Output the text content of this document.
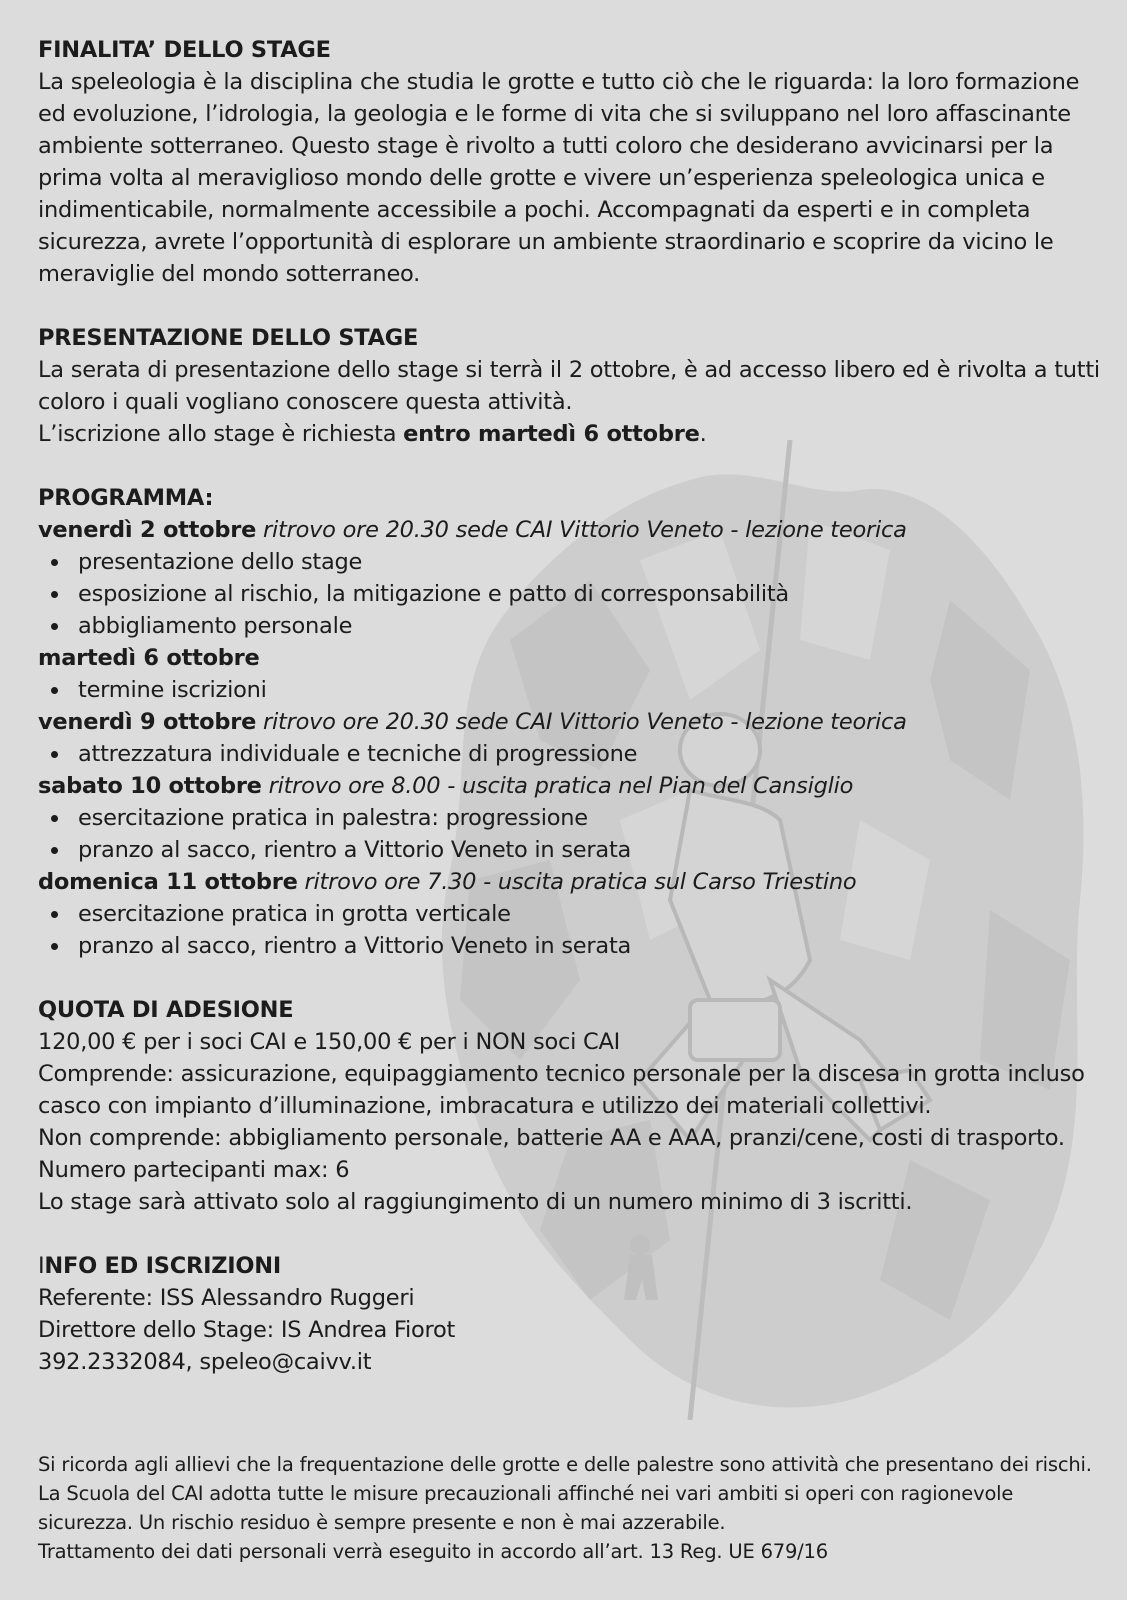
FINALITA’ DELLO STAGE

La speleologia è la disciplina che studia le grotte e tutto ciò che le riguarda: la loro formazione ed evoluzione, l’idrologia, la geologia e le forme di vita che si sviluppano nel loro affascinante ambiente sotterraneo. Questo stage è rivolto a tutti coloro che desiderano avvicinarsi per la prima volta al meraviglioso mondo delle grotte e vivere un’esperienza speleologica unica e indimenticabile, normalmente accessibile a pochi. Accompagnati da esperti e in completa sicurezza, avrete l’opportunità di esplorare un ambiente straordinario e scoprire da vicino le meraviglie del mondo sotterraneo.

PRESENTAZIONE DELLO STAGE

La serata di presentazione dello stage si terrà il 2 ottobre, è ad accesso libero ed è rivolta a tutti coloro i quali vogliano conoscere questa attività.

L’iscrizione allo stage è richiesta entro martedì 6 ottobre.

PROGRAMMA:

venerdì 2 ottobre ritrovo ore 20.30 sede CAI Vittorio Veneto - lezione teorica

presentazione dello stage
esposizione al rischio, la mitigazione e patto di corresponsabilità
abbigliamento personale

martedì 6 ottobre

termine iscrizioni

venerdì 9 ottobre ritrovo ore 20.30 sede CAI Vittorio Veneto - lezione teorica

attrezzatura individuale e tecniche di progressione

sabato 10 ottobre ritrovo ore 8.00 - uscita pratica nel Pian del Cansiglio

esercitazione pratica in palestra: progressione
pranzo al sacco, rientro a Vittorio Veneto in serata

domenica 11 ottobre ritrovo ore 7.30 - uscita pratica sul Carso Triestino

esercitazione pratica in grotta verticale
pranzo al sacco, rientro a Vittorio Veneto in serata
QUOTA DI ADESIONE

120,00 € per i soci CAI e 150,00 € per i NON soci CAI

Comprende: assicurazione, equipaggiamento tecnico personale per la discesa in grotta incluso casco con impianto d’illuminazione, imbracatura e utilizzo dei materiali collettivi.

Non comprende: abbigliamento personale, batterie AA e AAA, pranzi/cene, costi di trasporto.

Numero partecipanti max: 6

Lo stage sarà attivato solo al raggiungimento di un numero minimo di 3 iscritti.

INFO ED ISCRIZIONI

Referente: ISS Alessandro Ruggeri

Direttore dello Stage: IS Andrea Fiorot

392.2332084, speleo@caivv.it

Si ricorda agli allievi che la frequentazione delle grotte e delle palestre sono attività che presentano dei rischi. La Scuola del CAI adotta tutte le misure precauzionali affinché nei vari ambiti si operi con ragionevole sicurezza. Un rischio residuo è sempre presente e non è mai azzerabile.

Trattamento dei dati personali verrà eseguito in accordo all’art. 13 Reg. UE 679/16
